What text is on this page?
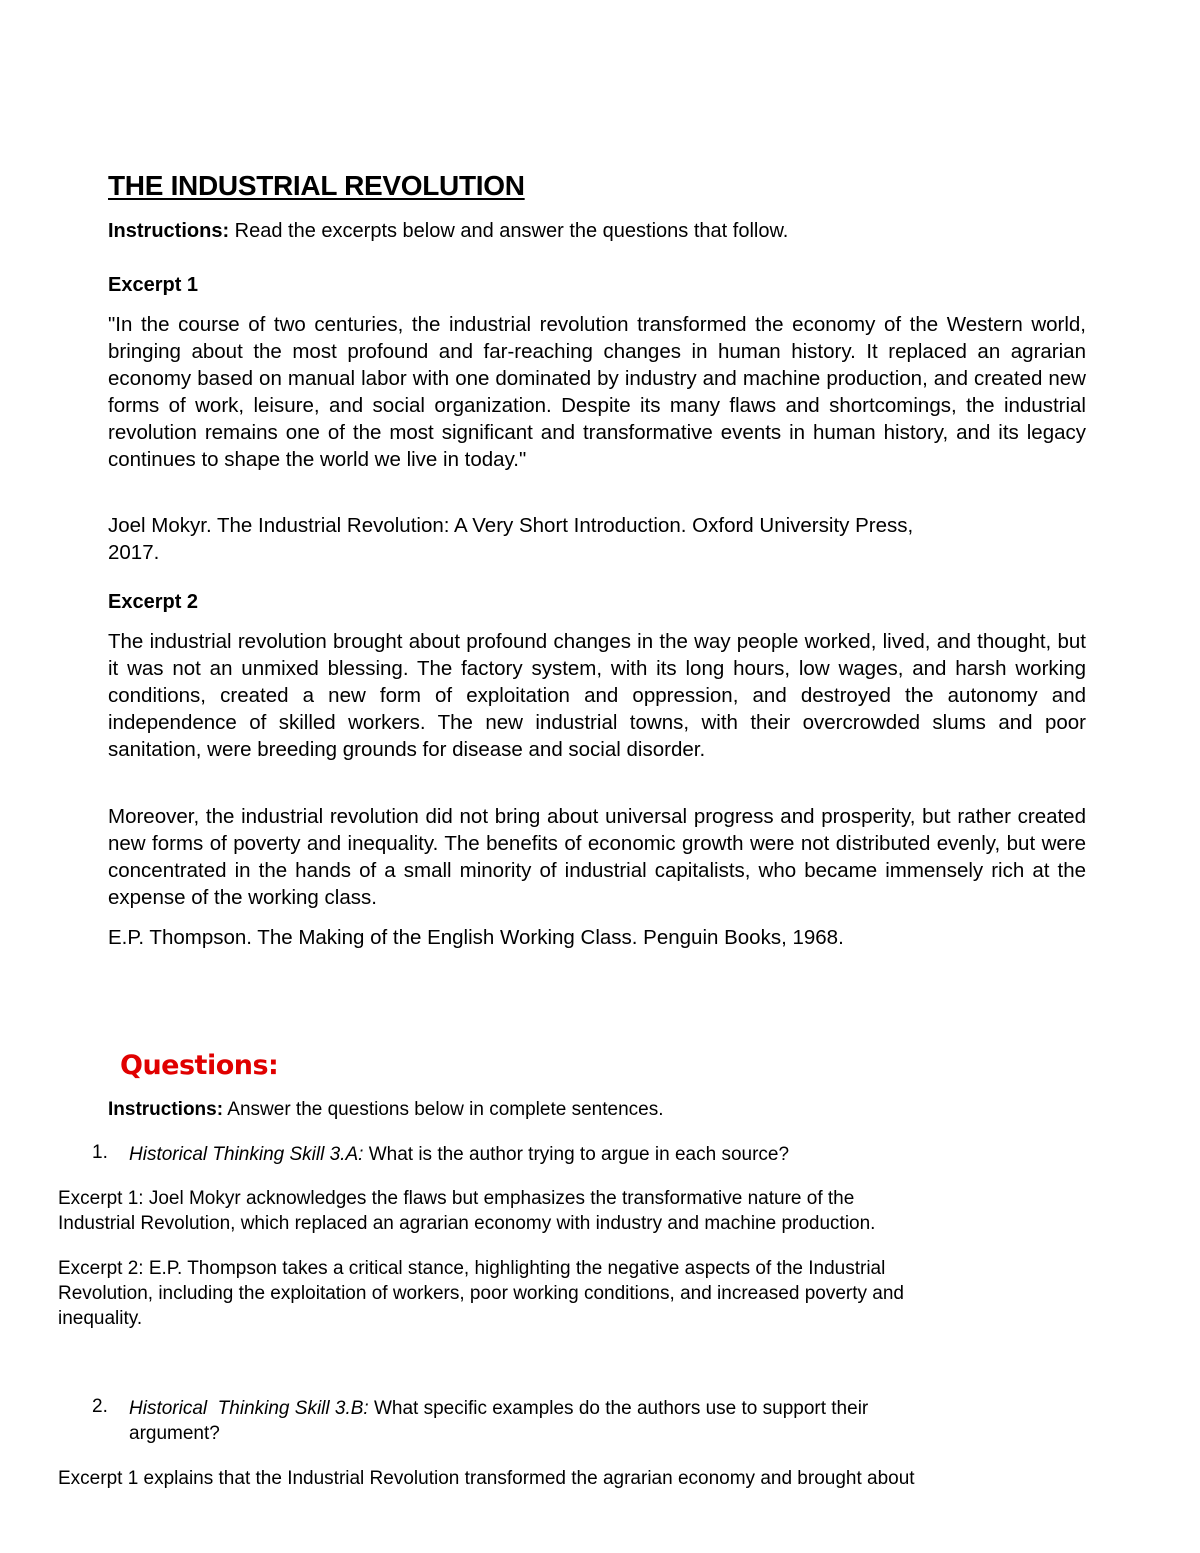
THE INDUSTRIAL REVOLUTION
Instructions: Read the excerpts below and answer the questions that follow.
Excerpt 1
"In the course of two centuries, the industrial revolution transformed the economy of the Western world, bringing about the most profound and far-reaching changes in human history. It replaced an agrarian economy based on manual labor with one dominated by industry and machine production, and created new forms of work, leisure, and social organization. Despite its many flaws and shortcomings, the industrial revolution remains one of the most significant and transformative events in human history, and its legacy continues to shape the world we live in today."
Joel Mokyr. The Industrial Revolution: A Very Short Introduction. Oxford University Press,
2017.
Excerpt 2
The industrial revolution brought about profound changes in the way people worked, lived, and thought, but it was not an unmixed blessing. The factory system, with its long hours, low wages, and harsh working conditions, created a new form of exploitation and oppression, and destroyed the autonomy and independence of skilled workers. The new industrial towns, with their overcrowded slums and poor sanitation, were breeding grounds for disease and social disorder.
Moreover, the industrial revolution did not bring about universal progress and prosperity, but rather created new forms of poverty and inequality. The benefits of economic growth were not distributed evenly, but were concentrated in the hands of a small minority of industrial capitalists, who became immensely rich at the expense of the working class.
E.P. Thompson. The Making of the English Working Class. Penguin Books, 1968.
Questions:
Instructions: Answer the questions below in complete sentences.
1. Historical Thinking Skill 3.A: What is the author trying to argue in each source?
Excerpt 1: Joel Mokyr acknowledges the flaws but emphasizes the transformative nature of the
Industrial Revolution, which replaced an agrarian economy with industry and machine production.
Excerpt 2: E.P. Thompson takes a critical stance, highlighting the negative aspects of the Industrial
Revolution, including the exploitation of workers, poor working conditions, and increased poverty and
inequality.
2. Historical  Thinking Skill 3.B: What specific examples do the authors use to support their
argument?
Excerpt 1 explains that the Industrial Revolution transformed the agrarian economy and brought about
